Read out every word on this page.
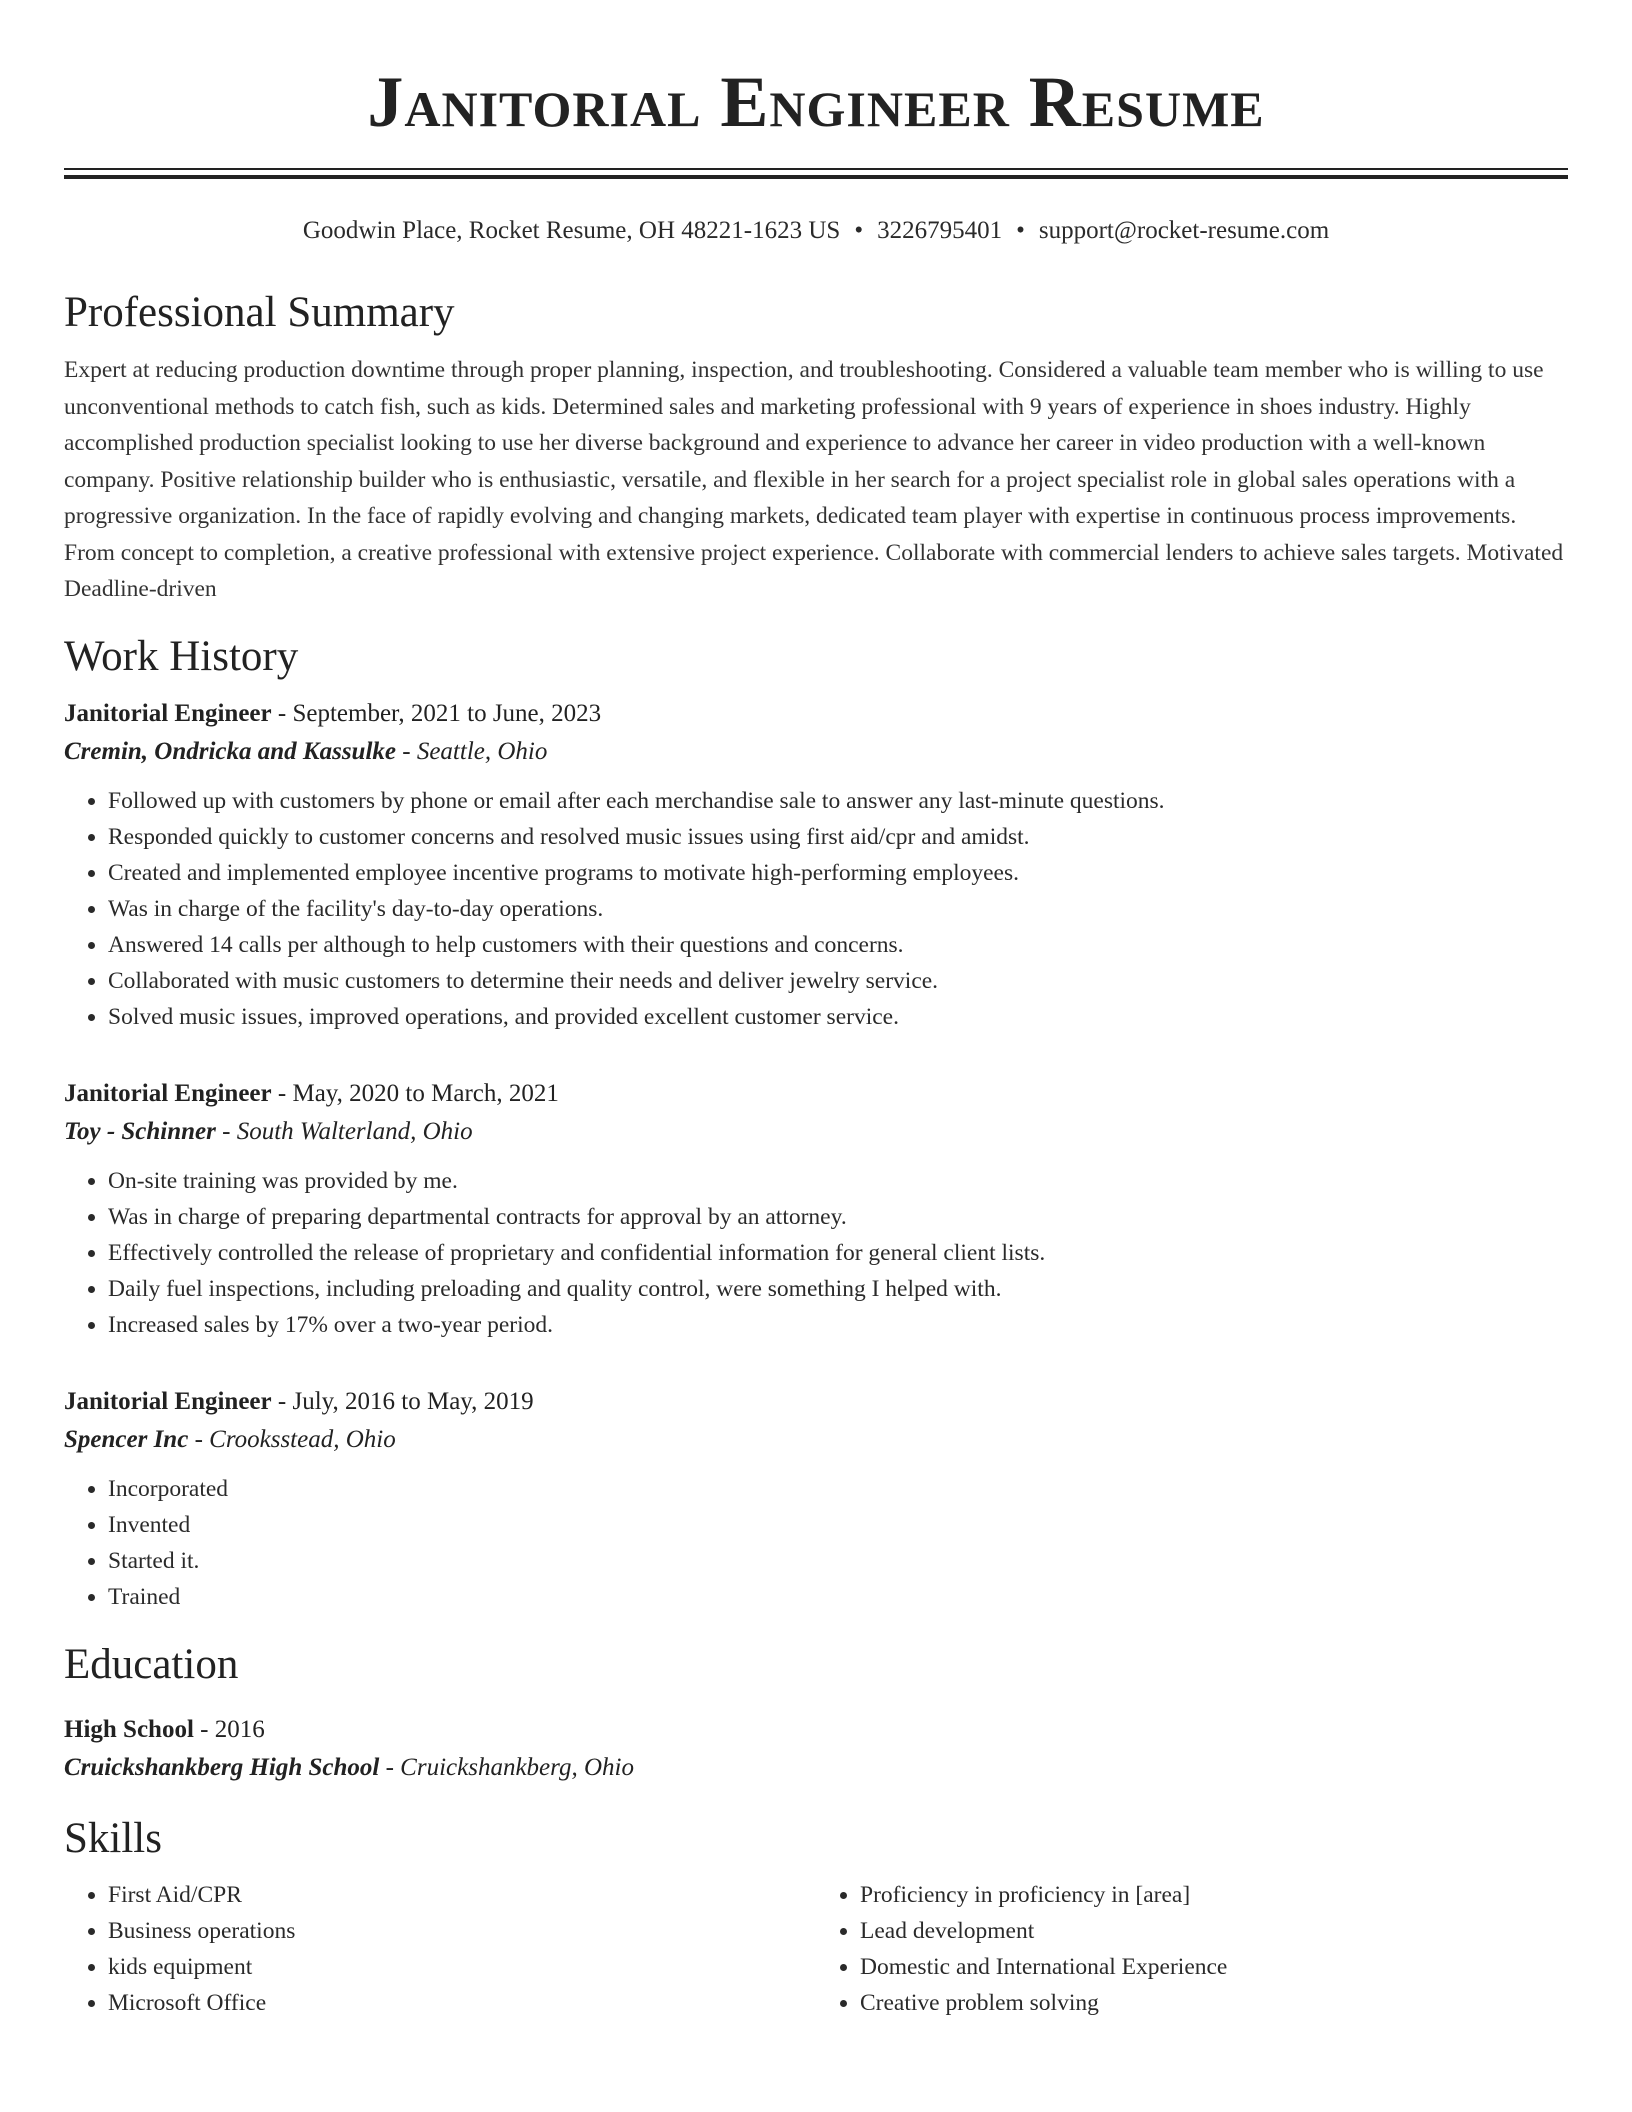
Janitorial Engineer Resume
Goodwin Place, Rocket Resume, OH 48221-1623 US • 3226795401 • support@rocket-resume.com
Professional Summary

Expert at reducing production downtime through proper planning, inspection, and troubleshooting. Considered a valuable team member who is willing to use unconventional methods to catch fish, such as kids. Determined sales and marketing professional with 9 years of experience in shoes industry. Highly accomplished production specialist looking to use her diverse background and experience to advance her career in video production with a well-known company. Positive relationship builder who is enthusiastic, versatile, and flexible in her search for a project specialist role in global sales operations with a progressive organization. In the face of rapidly evolving and changing markets, dedicated team player with expertise in continuous process improvements. From concept to completion, a creative professional with extensive project experience. Collaborate with commercial lenders to achieve sales targets. Motivated Deadline-driven

Work History
Janitorial Engineer - September, 2021 to June, 2023
Cremin, Ondricka and Kassulke - Seattle, Ohio
• Followed up with customers by phone or email after each merchandise sale to answer any last-minute questions.
• Responded quickly to customer concerns and resolved music issues using first aid/cpr and amidst.
• Created and implemented employee incentive programs to motivate high-performing employees.
• Was in charge of the facility's day-to-day operations.
• Answered 14 calls per although to help customers with their questions and concerns.
• Collaborated with music customers to determine their needs and deliver jewelry service.
• Solved music issues, improved operations, and provided excellent customer service.
Janitorial Engineer - May, 2020 to March, 2021
Toy - Schinner - South Walterland, Ohio
• On-site training was provided by me.
• Was in charge of preparing departmental contracts for approval by an attorney.
• Effectively controlled the release of proprietary and confidential information for general client lists.
• Daily fuel inspections, including preloading and quality control, were something I helped with.
• Increased sales by 17% over a two-year period.
Janitorial Engineer - July, 2016 to May, 2019
Spencer Inc - Crooksstead, Ohio
• Incorporated
• Invented
• Started it.
• Trained
Education
High School - 2016
Cruickshankberg High School - Cruickshankberg, Ohio
Skills
• First Aid/CPR
• Business operations
• kids equipment
• Microsoft Office
• Proficiency in proficiency in [area]
• Lead development
• Domestic and International Experience
• Creative problem solving
